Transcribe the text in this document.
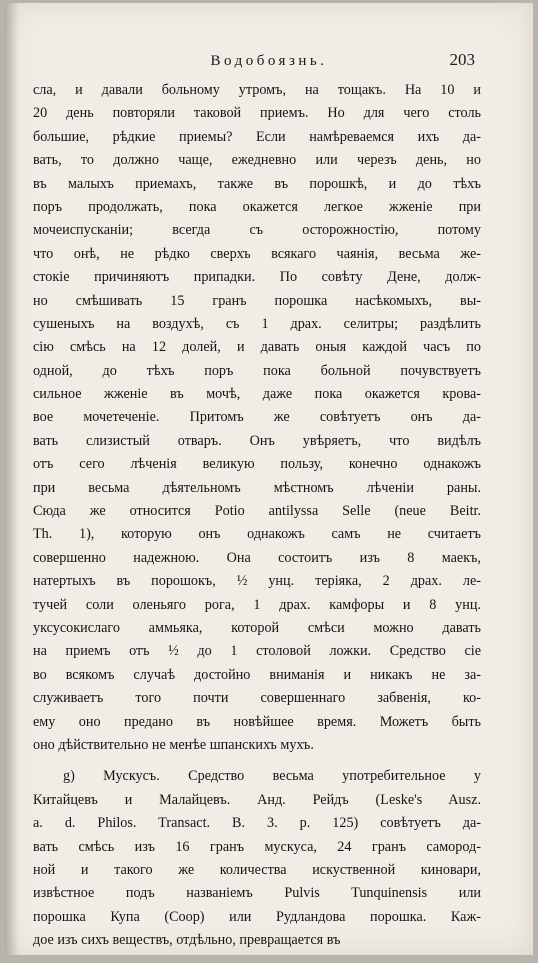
Водобоязнь.	203
сла, и давали больному утромъ, на тощакъ. На 10 и
20 день повторяли таковой приемъ. Но для чего столь
большие, рѣдкие приемы? Если намѣреваемся ихъ да-
вать, то должно чаще, ежедневно или черезъ день, но
въ малыхъ приемахъ, также въ порошкѣ, и до тѣхъ
поръ продолжать, пока окажется легкое жженіе при
мочеиспусканіи; всегда съ осторожностію, потому
что онѣ, не рѣдко сверхъ всякаго чаянія, весьма же-
стокіе причиняютъ припадки. По совѣту Дене, долж-
но смѣшивать 15 гранъ порошка насѣкомыхъ, вы-
сушеныхъ на воздухѣ, съ 1 драх. селитры; раздѣлить
сію смѣсь на 12 долей, и давать оныя каждой часъ по
одной, до тѣхъ поръ пока больной почувствуетъ
сильное жженіе въ мочѣ, даже пока окажется крова-
вое мочетеченіе. Притомъ же совѣтуетъ онъ да-
вать слизистый отваръ. Онъ увѣряетъ, что видѣлъ
отъ сего лѣченія великую пользу, конечно однакожъ
при весьма дѣятельномъ мѣстномъ лѣченіи раны.
Сюда же относится Potio antilyssa Selle (neue Beitr.
Th. 1), которую онъ однакожъ самъ не считаетъ
совершенно надежною. Она состоитъ изъ 8 маекъ,
натертыхъ въ порошокъ, ½ унц. теріяка, 2 драх. ле-
тучей соли оленьяго рога, 1 драх. камфоры и 8 унц.
уксусокислаго аммьяка, которой смѣси можно давать
на приемъ отъ ½ до 1 столовой ложки. Средство сіе
во всякомъ случаѣ достойно вниманія и никакъ не за-
служиваетъ того почти совершеннаго забвенія, ко-
ему оно предано въ новѣйшее время. Можетъ быть
оно дѣйствительно не менѣе шпанскихъ мухъ.
g) Мускусъ. Средство весьма употребительное у
Китайцевъ и Малайцевъ. Анд. Рейдъ (Leske's Ausz.
a. d. Philos. Transact. B. 3. p. 125) совѣтуетъ да-
вать смѣсь изъ 16 гранъ мускуса, 24 гранъ самород-
ной и такого же количества искуственной киновари,
извѣстное подъ названіемъ Pulvis Tunquinensis или
порошка Купа (Coop) или Рудландова порошка. Каж-
дое изъ сихъ веществъ, отдѣльно, превращается въ
